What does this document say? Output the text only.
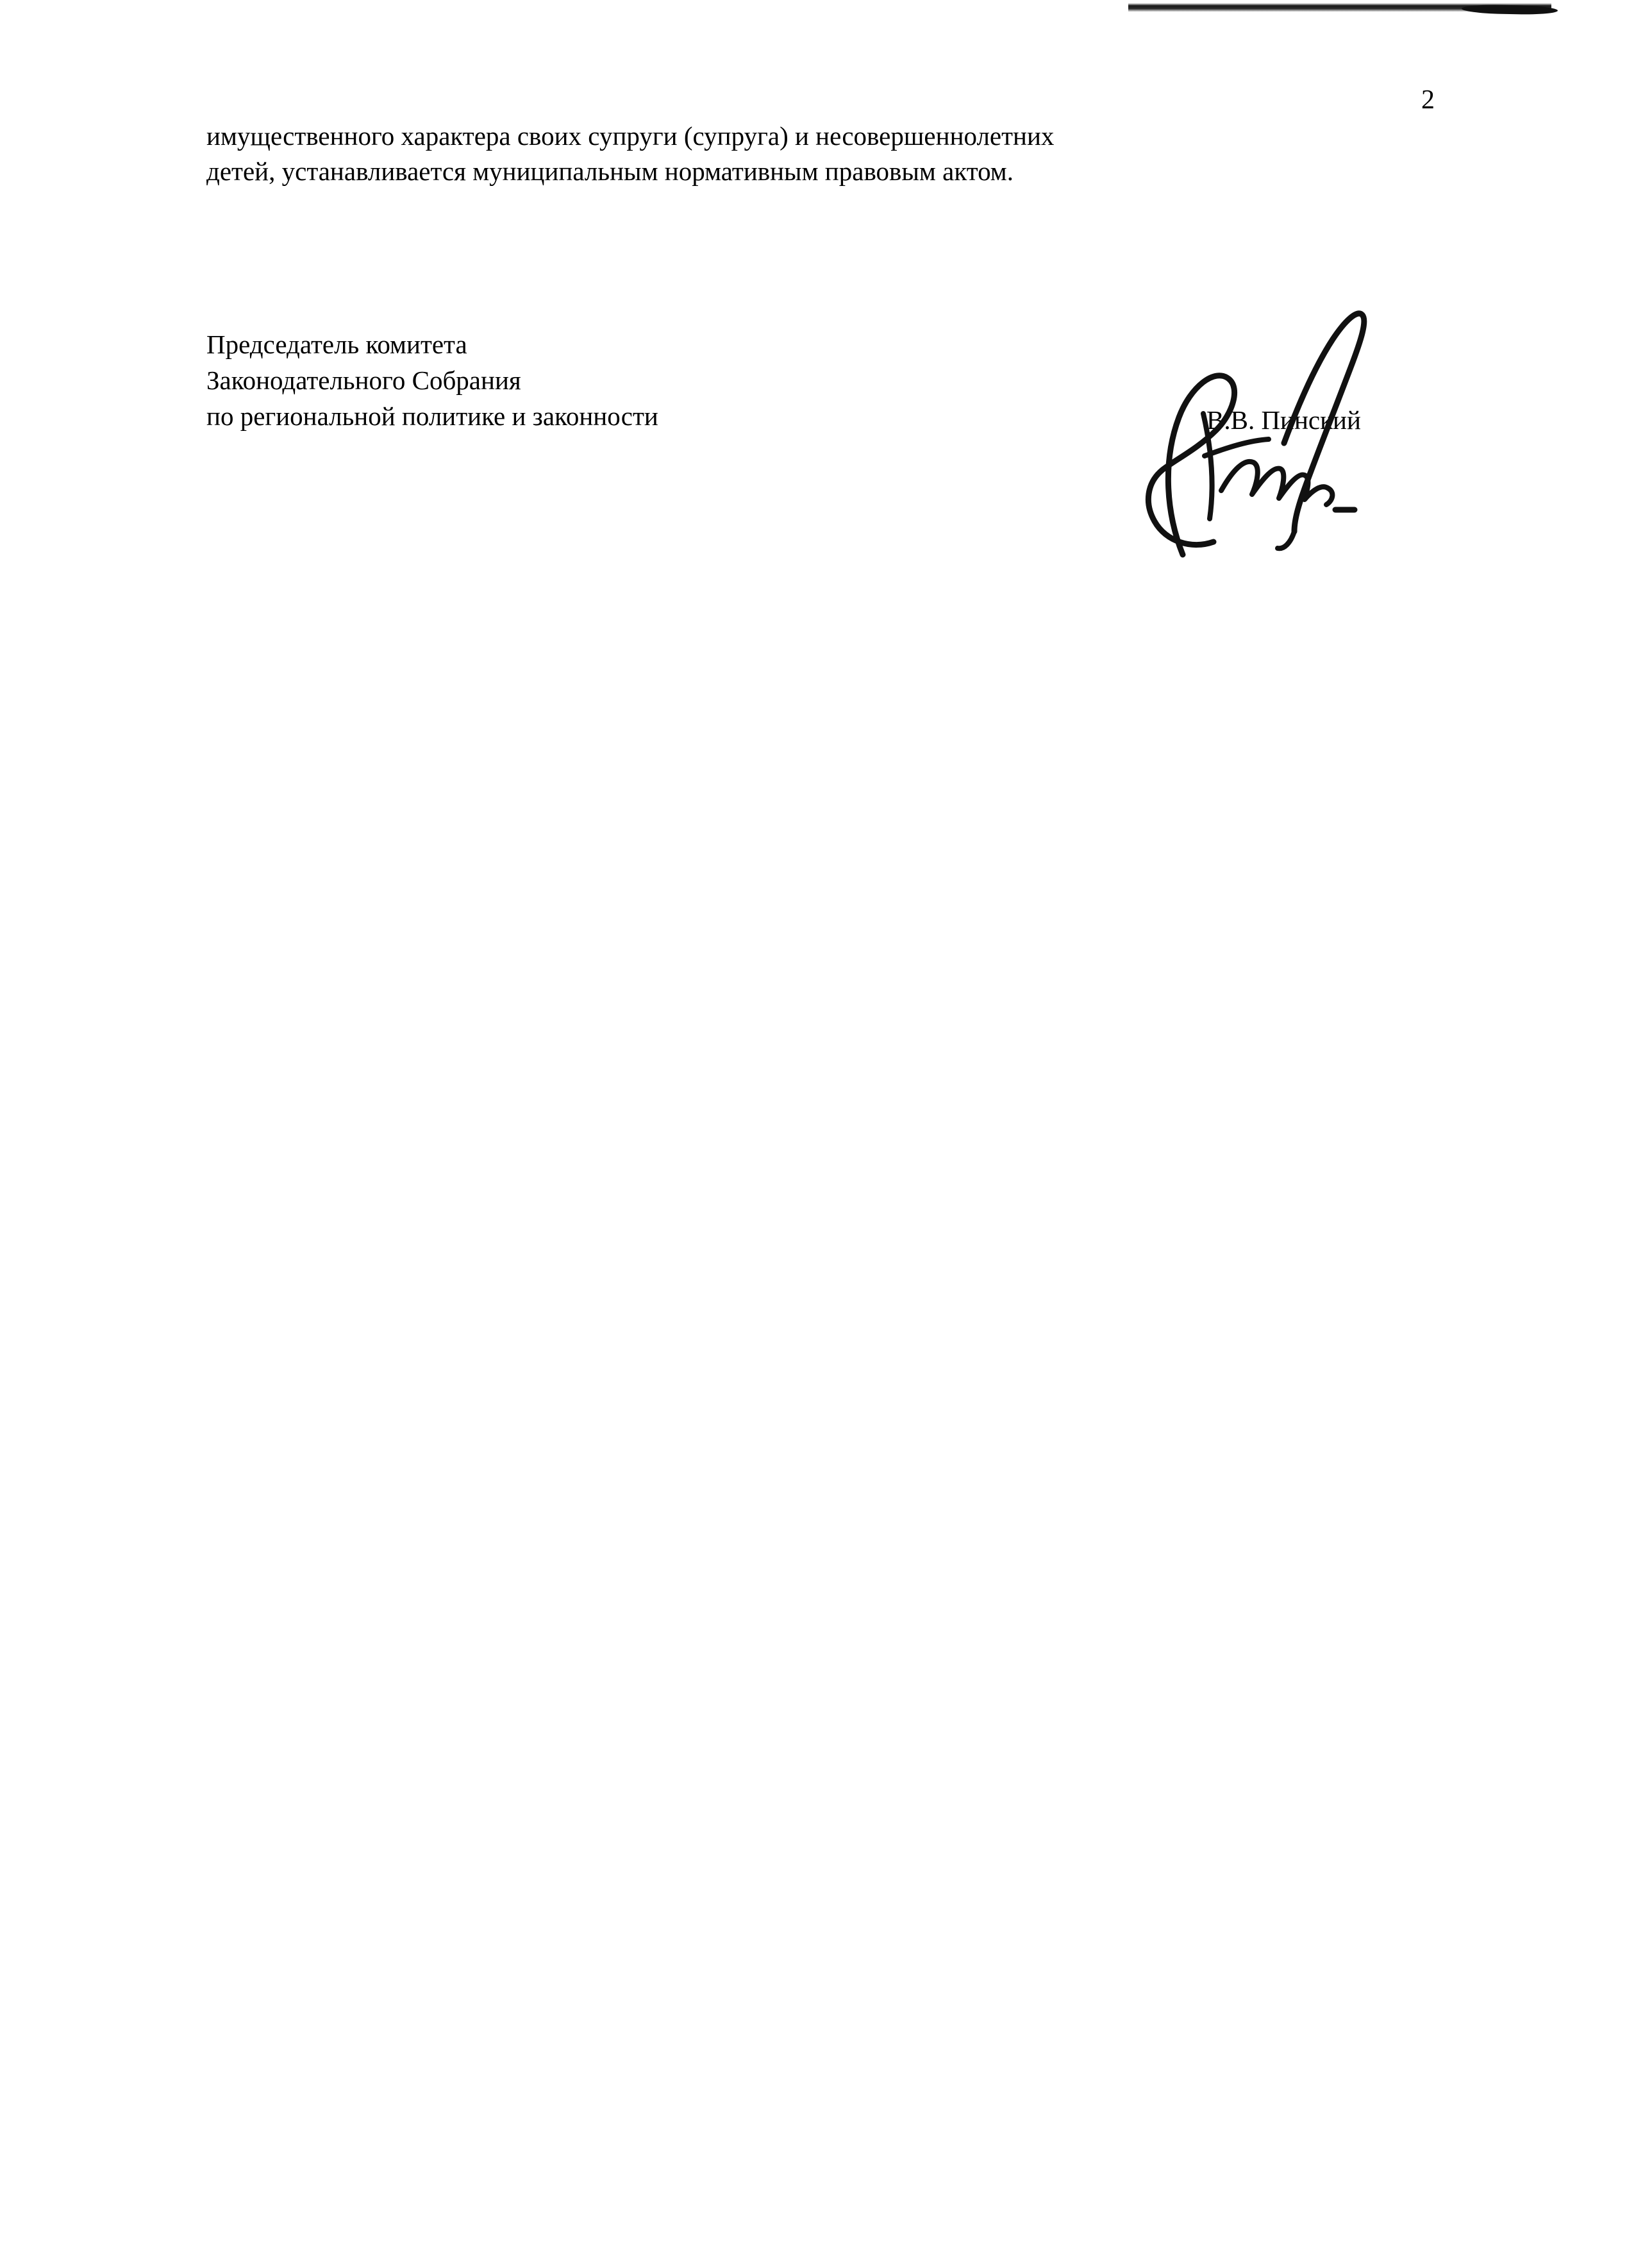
2
имущественного характера своих супруги (супруга) и несовершеннолетних
детей, устанавливается муниципальным нормативным правовым актом.
Председатель комитета
Законодательного Собрания
по региональной политике и законности	В.В. Пинский
